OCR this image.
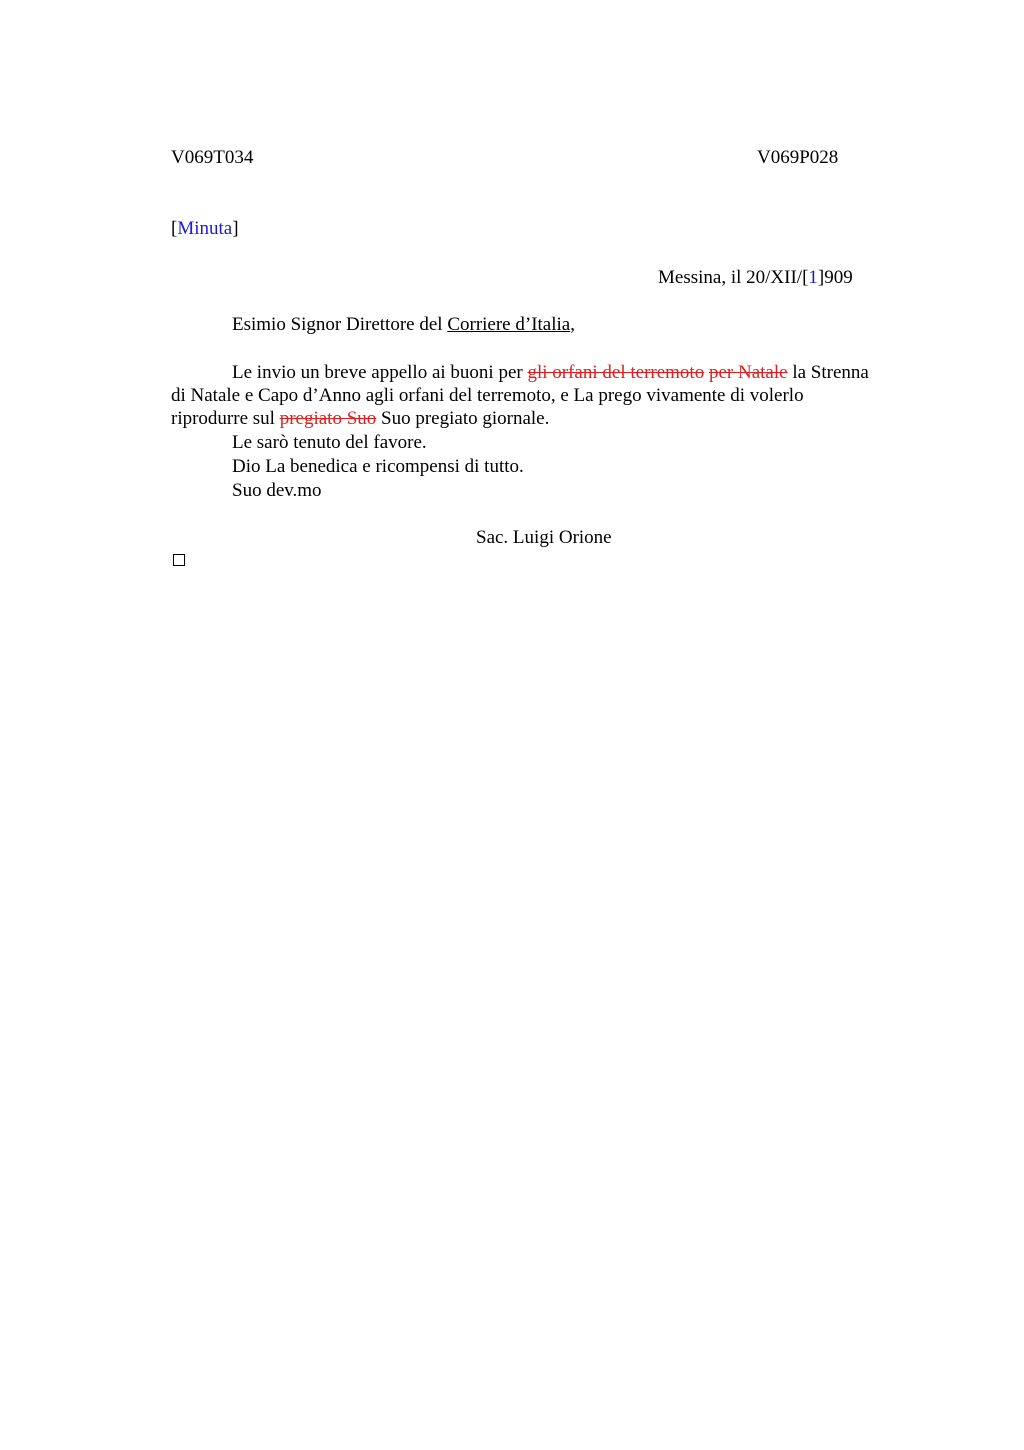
V069T034	V069P028
[Minuta]
Messina, il 20/XII/[1]909
Esimio Signor Direttore del Corriere d’Italia,
Le invio un breve appello ai buoni per gli orfani del terremoto per Natale la Strenna
di Natale e Capo d’Anno agli orfani del terremoto, e La prego vivamente di volerlo
riprodurre sul pregiato Suo Suo pregiato giornale.
Le sarò tenuto del favore.
Dio La benedica e ricompensi di tutto.
Suo dev.mo
Sac. Luigi Orione
